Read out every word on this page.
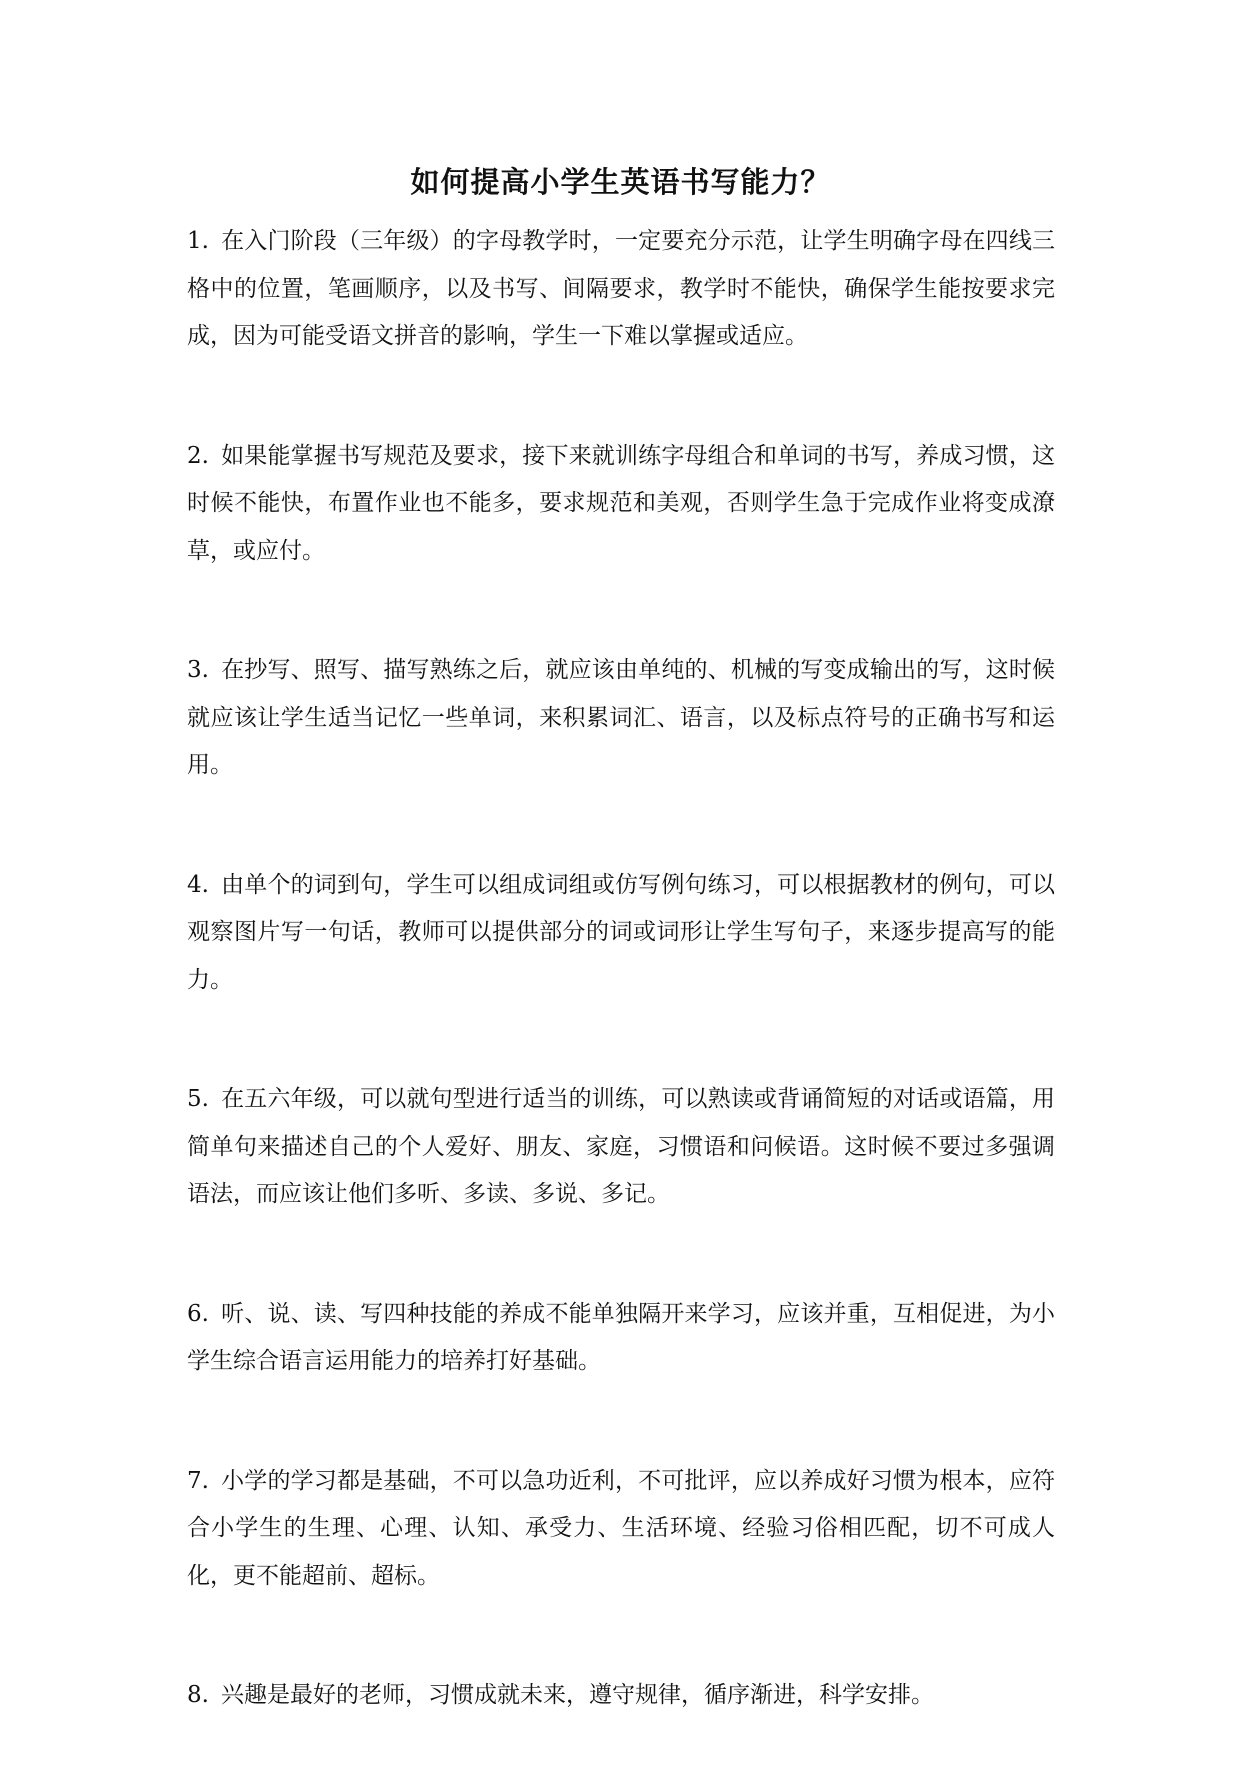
如何提高小学生英语书写能力？

1. 在入门阶段（三年级）的字母教学时，一定要充分示范，让学生明确字母在四线三格中的位置，笔画顺序，以及书写、间隔要求，教学时不能快，确保学生能按要求完成，因为可能受语文拼音的影响，学生一下难以掌握或适应。

2. 如果能掌握书写规范及要求，接下来就训练字母组合和单词的书写，养成习惯，这时候不能快，布置作业也不能多，要求规范和美观，否则学生急于完成作业将变成潦草，或应付。

3. 在抄写、照写、描写熟练之后，就应该由单纯的、机械的写变成输出的写，这时候就应该让学生适当记忆一些单词，来积累词汇、语言，以及标点符号的正确书写和运用。

4. 由单个的词到句，学生可以组成词组或仿写例句练习，可以根据教材的例句，可以观察图片写一句话，教师可以提供部分的词或词形让学生写句子，来逐步提高写的能力。

5. 在五六年级，可以就句型进行适当的训练，可以熟读或背诵简短的对话或语篇，用简单句来描述自己的个人爱好、朋友、家庭，习惯语和问候语。这时候不要过多强调语法，而应该让他们多听、多读、多说、多记。

6. 听、说、读、写四种技能的养成不能单独隔开来学习，应该并重，互相促进，为小学生综合语言运用能力的培养打好基础。

7. 小学的学习都是基础，不可以急功近利，不可批评，应以养成好习惯为根本，应符合小学生的生理、心理、认知、承受力、生活环境、经验习俗相匹配，切不可成人化，更不能超前、超标。

8. 兴趣是最好的老师，习惯成就未来，遵守规律，循序渐进，科学安排。
